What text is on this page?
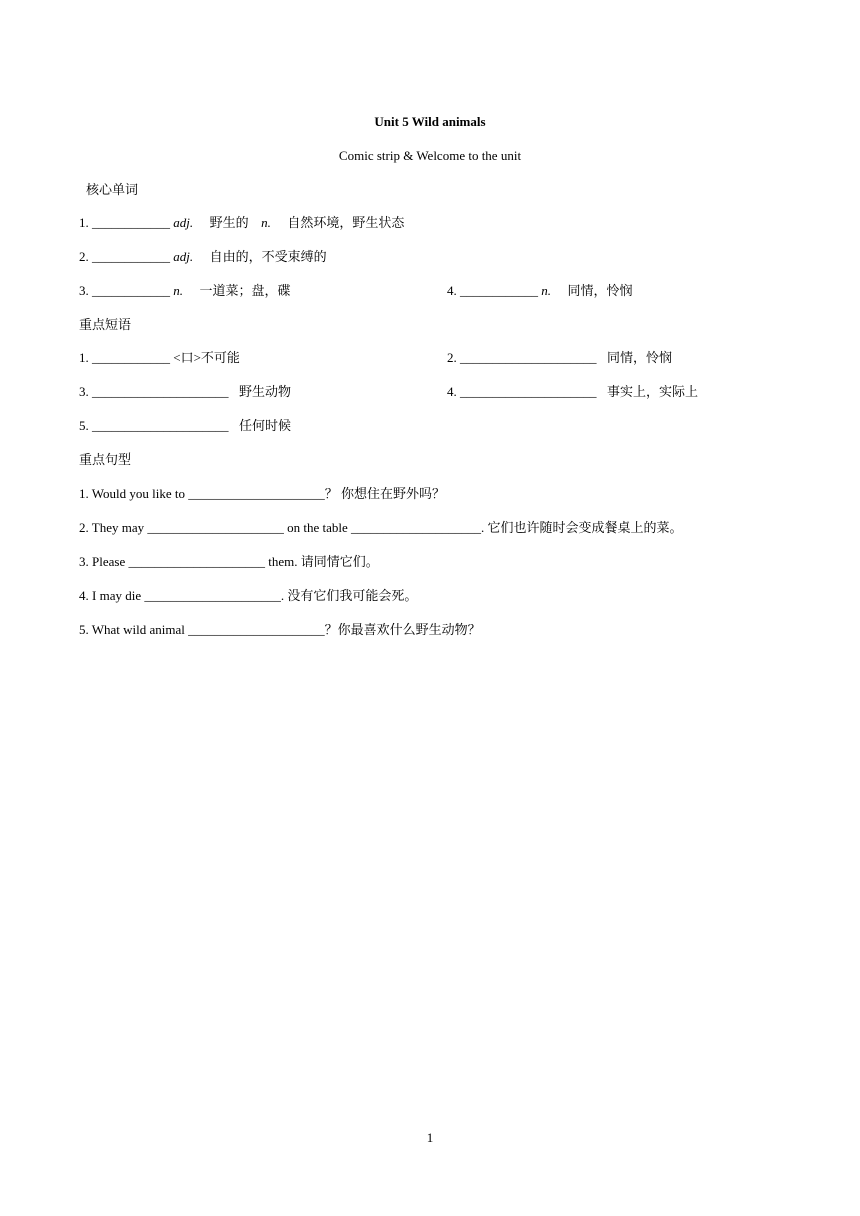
Unit 5 Wild animals
Comic strip & Welcome to the unit
核心单词
1. ____________ adj. 野生的 n. 自然环境，野生状态
2. ____________ adj. 自由的，不受束缚的
3. ____________ n. 一道菜；盘，碟	4. ____________ n. 同情，怜悯
重点短语
1. ____________ <口>不可能	2. _____________________ 同情，怜悯
3. _____________________ 野生动物	4. _____________________ 事实上，实际上
5. _____________________ 任何时候
重点句型
1. Would you like to _____________________？ 你想住在野外吗？
2. They may _____________________ on the table ____________________. 它们也许随时会变成餐桌上的菜。
3. Please _____________________ them. 请同情它们。
4. I may die _____________________. 没有它们我可能会死。
5. What wild animal _____________________？你最喜欢什么野生动物？
1
